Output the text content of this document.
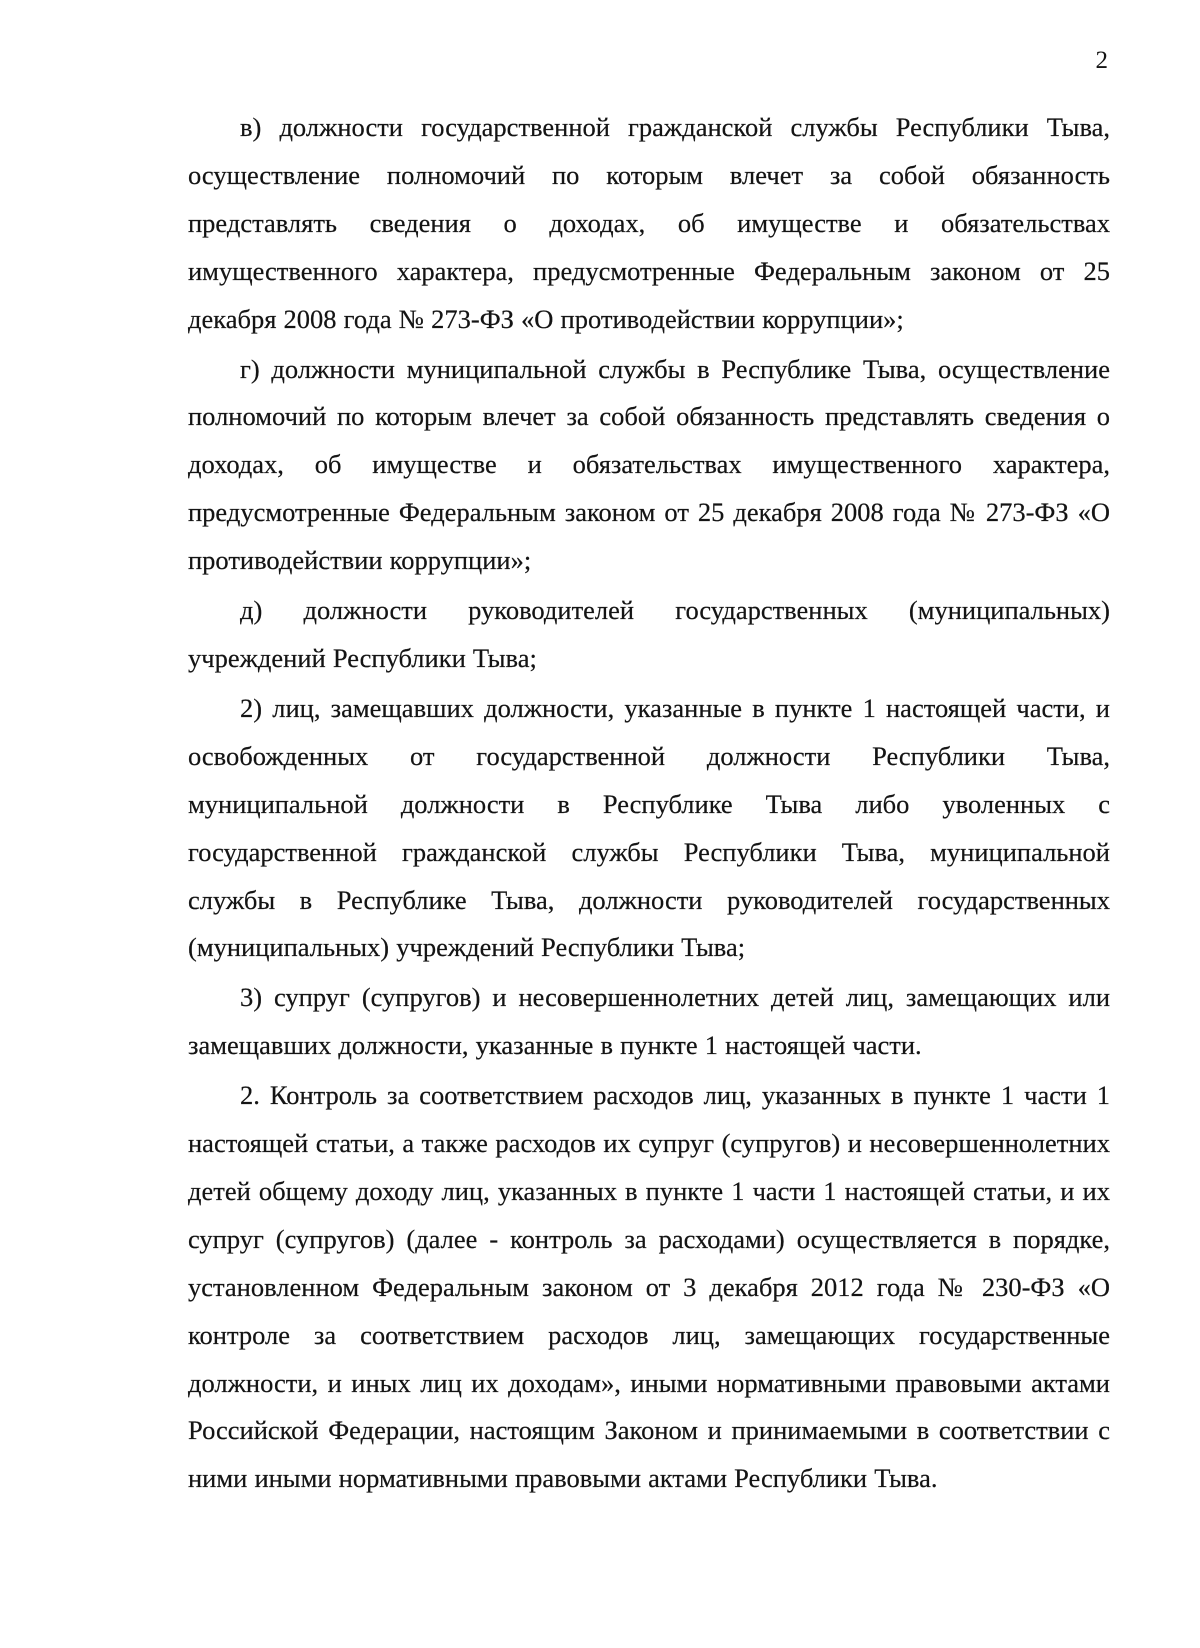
2

в) должности государственной гражданской службы Республики Тыва, осуществление полномочий по которым влечет за собой обязанность представлять сведения о доходах, об имуществе и обязательствах имущественного характера, предусмотренные Федеральным законом от 25 декабря 2008 года № 273-ФЗ «О противодействии коррупции»;

г) должности муниципальной службы в Республике Тыва, осуществление полномочий по которым влечет за собой обязанность представлять сведения о доходах, об имуществе и обязательствах имущественного характера, предусмотренные Федеральным законом от 25 декабря 2008 года № 273-ФЗ «О противодействии коррупции»;

д) должности руководителей государственных (муниципальных) учреждений Республики Тыва;

2) лиц, замещавших должности, указанные в пункте 1 настоящей части, и освобожденных от государственной должности Республики Тыва, муниципальной должности в Республике Тыва либо уволенных с государственной гражданской службы Республики Тыва, муниципальной службы в Республике Тыва, должности руководителей государственных (муниципальных) учреждений Республики Тыва;

3) супруг (супругов) и несовершеннолетних детей лиц, замещающих или замещавших должности, указанные в пункте 1 настоящей части.

2. Контроль за соответствием расходов лиц, указанных в пункте 1 части 1 настоящей статьи, а также расходов их супруг (супругов) и несовершеннолетних детей общему доходу лиц, указанных в пункте 1 части 1 настоящей статьи, и их супруг (супругов) (далее - контроль за расходами) осуществляется в порядке, установленном Федеральным законом от 3 декабря 2012 года № 230-ФЗ «О контроле за соответствием расходов лиц, замещающих государственные должности, и иных лиц их доходам», иными нормативными правовыми актами Российской Федерации, настоящим Законом и принимаемыми в соответствии с ними иными нормативными правовыми актами Республики Тыва.
